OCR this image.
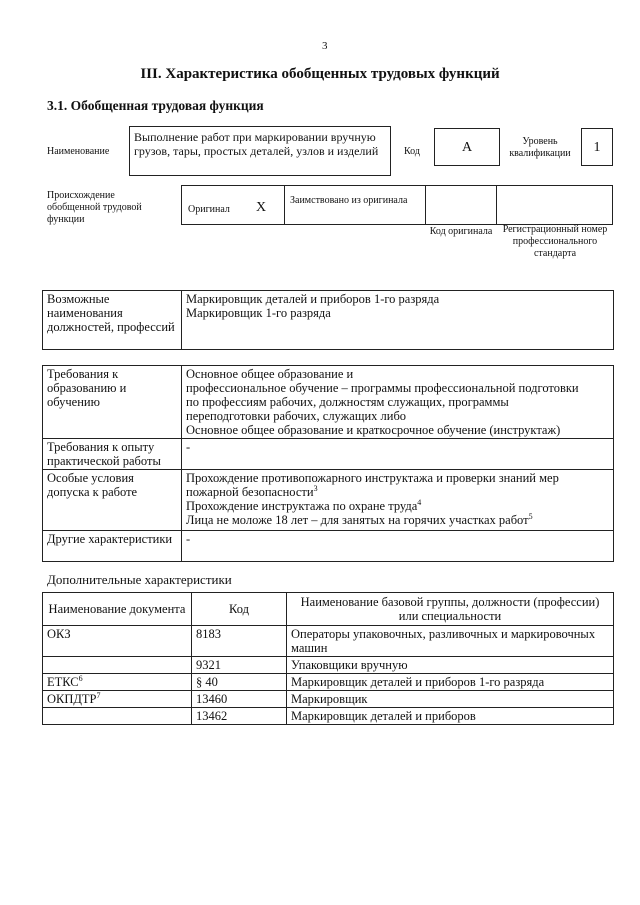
3
III. Характеристика обобщенных трудовых функций
3.1. Обобщенная трудовая функция
Наименование
Выполнение работ при маркировании вручную грузов, тары, простых деталей, узлов и изделий	Код	А	Уровень квалификации	1
Происхождение обобщенной трудовой функции
Оригинал Х Заимствовано из оригинала
Код оригинала	Регистрационный номер профессионального стандарта
Возможные наименования должностей, профессий	
Маркировщик деталей и приборов 1-го разряда
Маркировщик 1-го разряда
Требования к образованию и обучению	Основное общее образование и
профессиональное обучение – программы профессиональной подготовки
по профессиям рабочих, должностям служащих, программы
переподготовки рабочих, служащих либо
Основное общее образование и краткосрочное обучение (инструктаж)

Требования к опыту практической работы	-
Особые условия допуска к работе	Прохождение противопожарного инструктажа и проверки знаний мер
пожарной безопасности$^3$
Прохождение инструктажа по охране труда$^4$
Лица не моложе 18 лет – для занятых на горячих участках работ$^5$

Другие характеристики	-
Дополнительные характеристики
Наименование документа	Код	Наименование базовой группы, должности (профессии) или специальности
ОКЗ	8183	Операторы упаковочных, разливочных и маркировочных машин
	9321	Упаковщики вручную
ЕТКС$^6$	§ 40	Маркировщик деталей и приборов 1-го разряда
ОКПДТР$^7$	13460	Маркировщик
	13462	Маркировщик деталей и приборов
